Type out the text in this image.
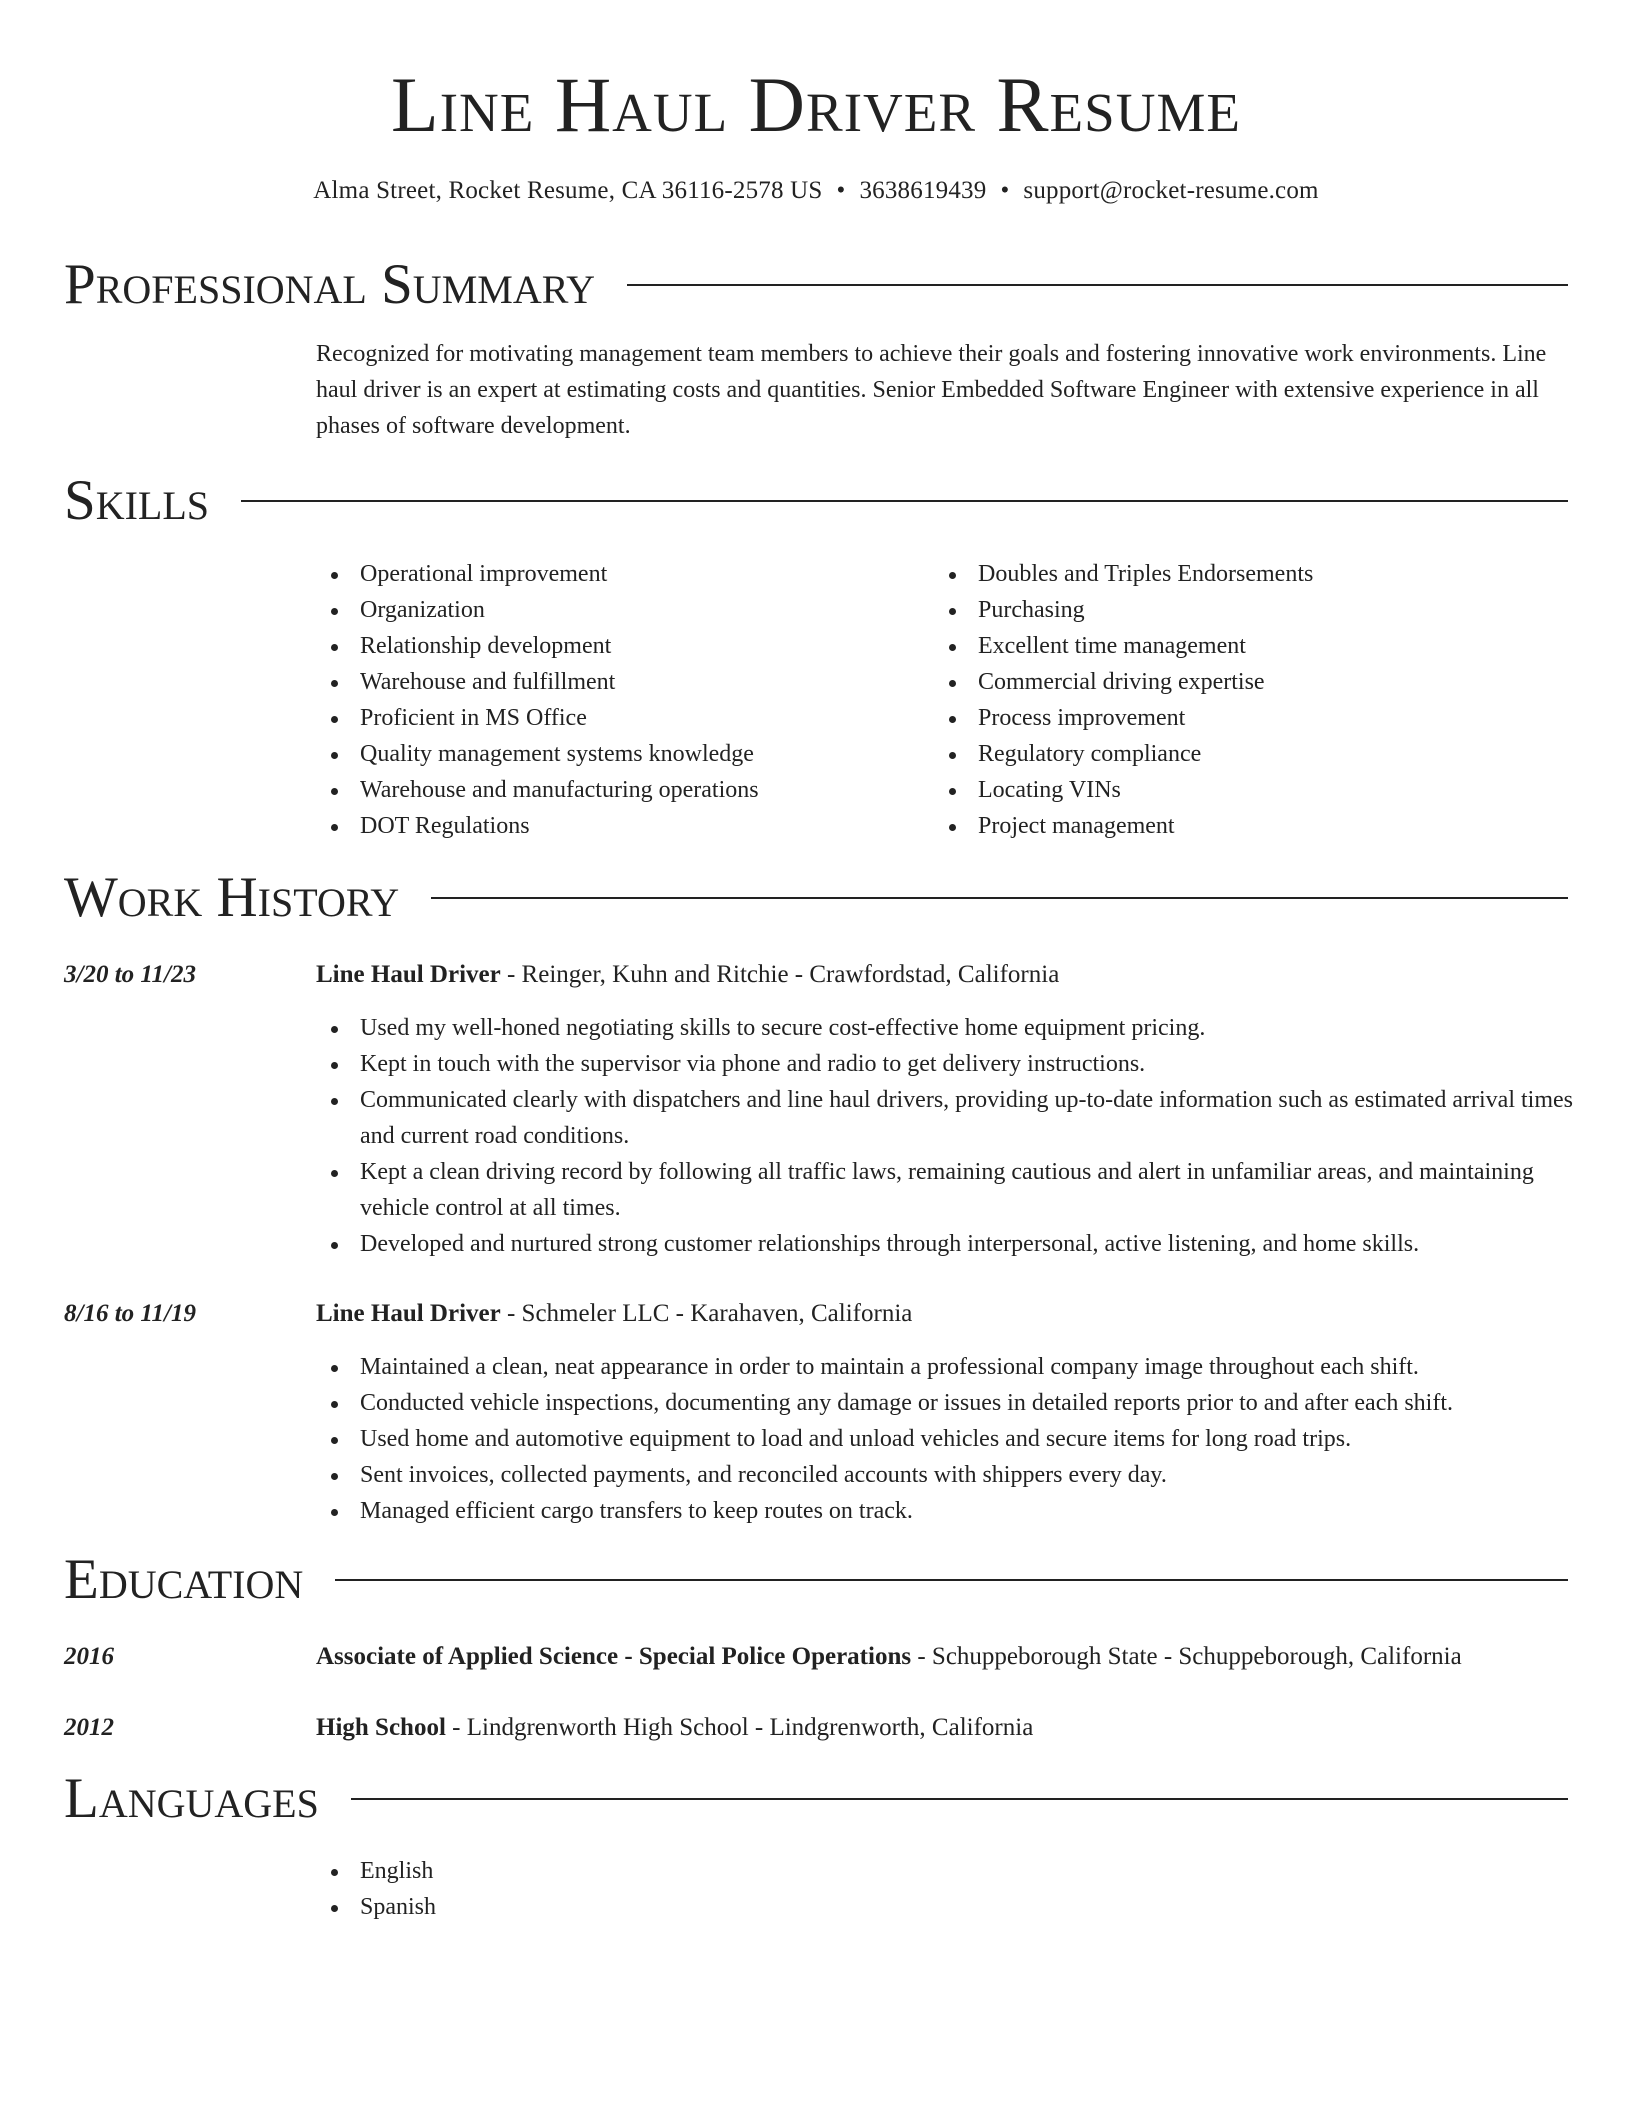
Line Haul Driver Resume
Alma Street, Rocket Resume, CA 36116-2578 US • 3638619439 • support@rocket-resume.com
Professional Summary
Recognized for motivating management team members to achieve their goals and fostering innovative work environments. Line haul driver is an expert at estimating costs and quantities. Senior Embedded Software Engineer with extensive experience in all phases of software development.
Skills
Operational improvement
Organization
Relationship development
Warehouse and fulfillment
Proficient in MS Office
Quality management systems knowledge
Warehouse and manufacturing operations
DOT Regulations
Doubles and Triples Endorsements
Purchasing
Excellent time management
Commercial driving expertise
Process improvement
Regulatory compliance
Locating VINs
Project management
Work History
3/20 to 11/23	Line Haul Driver - Reinger, Kuhn and Ritchie - Crawfordstad, California
Used my well-honed negotiating skills to secure cost-effective home equipment pricing.
Kept in touch with the supervisor via phone and radio to get delivery instructions.
Communicated clearly with dispatchers and line haul drivers, providing up-to-date information such as estimated arrival times and current road conditions.
Kept a clean driving record by following all traffic laws, remaining cautious and alert in unfamiliar areas, and maintaining vehicle control at all times.
Developed and nurtured strong customer relationships through interpersonal, active listening, and home skills.
8/16 to 11/19	Line Haul Driver - Schmeler LLC - Karahaven, California
Maintained a clean, neat appearance in order to maintain a professional company image throughout each shift.
Conducted vehicle inspections, documenting any damage or issues in detailed reports prior to and after each shift.
Used home and automotive equipment to load and unload vehicles and secure items for long road trips.
Sent invoices, collected payments, and reconciled accounts with shippers every day.
Managed efficient cargo transfers to keep routes on track.
Education
2016	Associate of Applied Science - Special Police Operations - Schuppeborough State - Schuppeborough, California
2012	High School - Lindgrenworth High School - Lindgrenworth, California
Languages
English
Spanish
